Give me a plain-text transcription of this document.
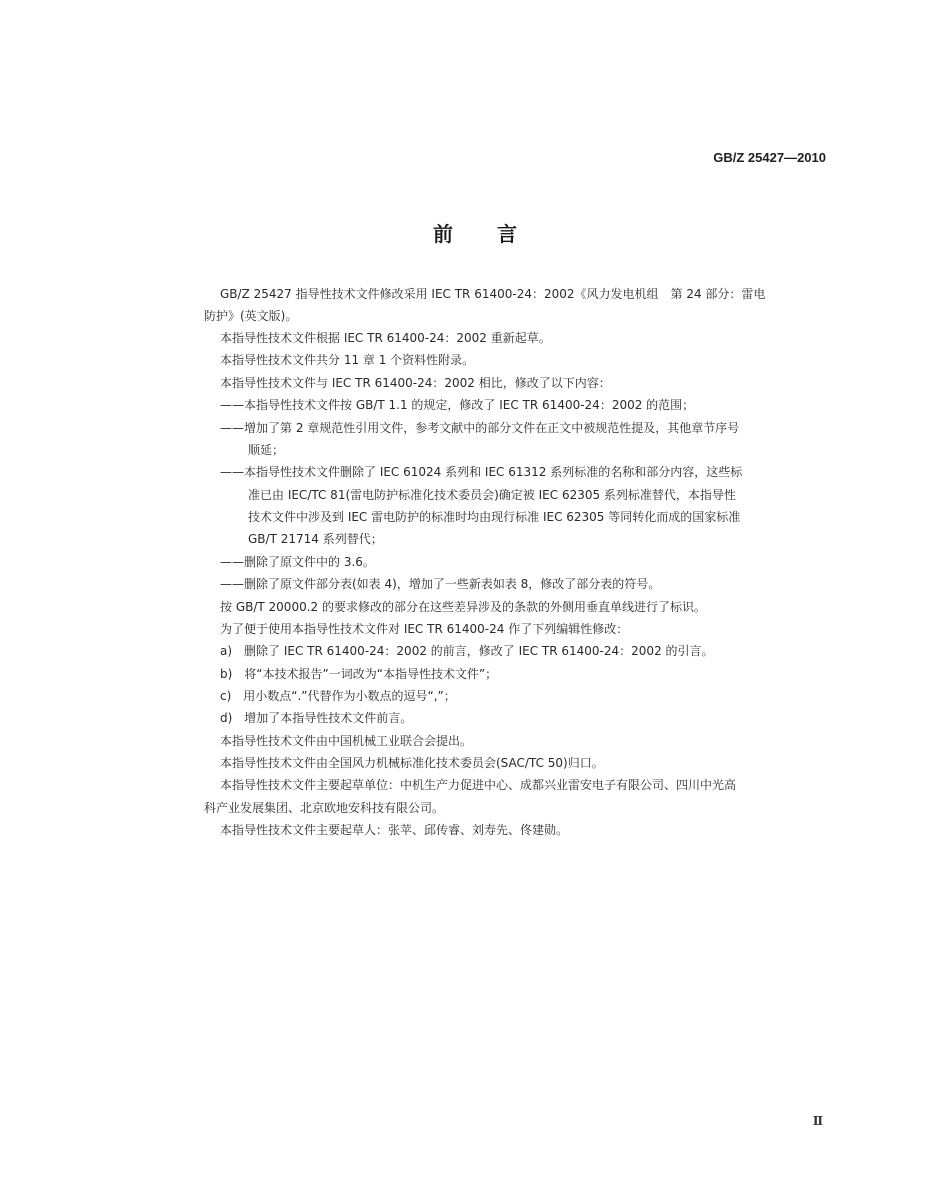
GB/Z 25427—2010
前言
GB/Z 25427 指导性技术文件修改采用 IEC TR 61400-24：2002《风力发电机组　第 24 部分：雷电
防护》(英文版)。
本指导性技术文件根据 IEC TR 61400-24：2002 重新起草。
本指导性技术文件共分 11 章 1 个资料性附录。
本指导性技术文件与 IEC TR 61400-24：2002 相比，修改了以下内容：
——本指导性技术文件按 GB/T 1.1 的规定，修改了 IEC TR 61400-24：2002 的范围；
——增加了第 2 章规范性引用文件，参考文献中的部分文件在正文中被规范性提及，其他章节序号
顺延；
——本指导性技术文件删除了 IEC 61024 系列和 IEC 61312 系列标准的名称和部分内容，这些标
准已由 IEC/TC 81(雷电防护标准化技术委员会)确定被 IEC 62305 系列标准替代，本指导性
技术文件中涉及到 IEC 雷电防护的标准时均由现行标准 IEC 62305 等同转化而成的国家标准
GB/T 21714 系列替代；
——删除了原文件中的 3.6。
——删除了原文件部分表(如表 4)，增加了一些新表如表 8，修改了部分表的符号。
按 GB/T 20000.2 的要求修改的部分在这些差异涉及的条款的外侧用垂直单线进行了标识。
为了便于使用本指导性技术文件对 IEC TR 61400-24 作了下列编辑性修改：
a)　删除了 IEC TR 61400-24：2002 的前言，修改了 IEC TR 61400-24：2002 的引言。
b)　将“本技术报告”一词改为“本指导性技术文件”；
c)　用小数点“.”代替作为小数点的逗号“,”；
d)　增加了本指导性技术文件前言。
本指导性技术文件由中国机械工业联合会提出。
本指导性技术文件由全国风力机械标准化技术委员会(SAC/TC 50)归口。
本指导性技术文件主要起草单位：中机生产力促进中心、成都兴业雷安电子有限公司、四川中光高
科产业发展集团、北京欧地安科技有限公司。
本指导性技术文件主要起草人：张苹、邱传睿、刘寿先、佟建勋。
Ⅱ
